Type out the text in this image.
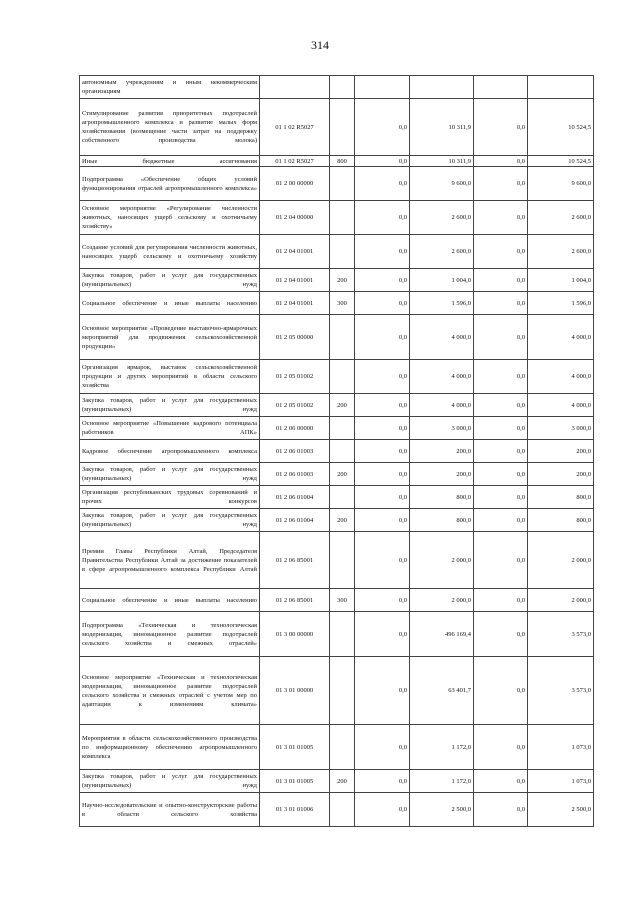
314
автономным учреждениям и иным некоммерческим организациям						
Стимулирование развития приоритетных подотраслей агропромышленного комплекса и развитие малых форм хозяйствования (возмещение части затрат на поддержку собственного производства молока)	01 1 02 R5027		0,0	10 311,9	0,0	10 524,5
Иные бюджетные ассигнования	01 1 02 R5027	800	0,0	10 311,9	0,0	10 524,5
Подпрограмма «Обеспечение общих условий функционирования отраслей агропромышленного комплекса»	01 2 00 00000		0,0	9 600,0	0,0	9 600,0
Основное мероприятие «Регулирование численности животных, наносящих ущерб сельскому и охотничьему хозяйству»	01 2 04 00000		0,0	2 600,0	0,0	2 600,0
Создание условий для регулирования численности животных, наносящих ущерб сельскому и охотничьему хозяйству	01 2 04 01001		0,0	2 600,0	0,0	2 600,0
Закупка товаров, работ и услуг для государственных (муниципальных) нужд	01 2 04 01001	200	0,0	1 004,0	0,0	1 004,0
Социальное обеспечение и иные выплаты населению	01 2 04 01001	300	0,0	1 596,0	0,0	1 596,0
Основное мероприятие «Проведение выставочно-ярмарочных мероприятий для продвижения сельскохозяйственной продукции»	01 2 05 00000		0,0	4 000,0	0,0	4 000,0
Организация ярмарок, выставок сельскохозяйственной продукции и других мероприятий в области сельского хозяйства	01 2 05 01002		0,0	4 000,0	0,0	4 000,0
Закупка товаров, работ и услуг для государственных (муниципальных) нужд	01 2 05 01002	200	0,0	4 000,0	0,0	4 000,0
Основное мероприятие «Повышение кадрового потенциала работников АПК»	01 2 06 00000		0,0	3 000,0	0,0	3 000,0
Кадровое обеспечение агропромышленного комплекса	01 2 06 01003		0,0	200,0	0,0	200,0
Закупка товаров, работ и услуг для государственных (муниципальных) нужд	01 2 06 01003	200	0,0	200,0	0,0	200,0
Организация республиканских трудовых соревнований и прочих конкурсов	01 2 06 01004		0,0	800,0	0,0	800,0
Закупка товаров, работ и услуг для государственных (муниципальных) нужд	01 2 06 01004	200	0,0	800,0	0,0	800,0
Премии Главы Республики Алтай, Председателя Правительства Республики Алтай за достижение показателей в сфере агропромышленного комплекса Республики Алтай	01 2 06 85001		0,0	2 000,0	0,0	2 000,0
Социальное обеспечение и иные выплаты населению	01 2 06 85001	300	0,0	2 000,0	0,0	2 000,0
Подпрограмма «Техническая и технологическая модернизация, инновационное развитие подотраслей сельского хозяйства и смежных отраслей»	01 3 00 00000		0,0	496 169,4	0,0	3 573,0
Основное мероприятие «Техническая и технологическая модернизация, инновационное развитие подотраслей сельского хозяйства и смежных отраслей с учетом мер по адаптации к изменениям климата»	01 3 01 00000		0,0	63 401,7	0,0	3 573,0
Мероприятия в области сельскохозяйственного производства по информационному обеспечению агропромышленного комплекса	01 3 01 01005		0,0	1 172,0	0,0	1 073,0
Закупка товаров, работ и услуг для государственных (муниципальных) нужд	01 3 01 01005	200	0,0	1 172,0	0,0	1 073,0
Научно-исследовательские и опытно-конструкторские работы в области сельского хозяйства	01 3 01 01006		0,0	2 500,0	0,0	2 500,0
